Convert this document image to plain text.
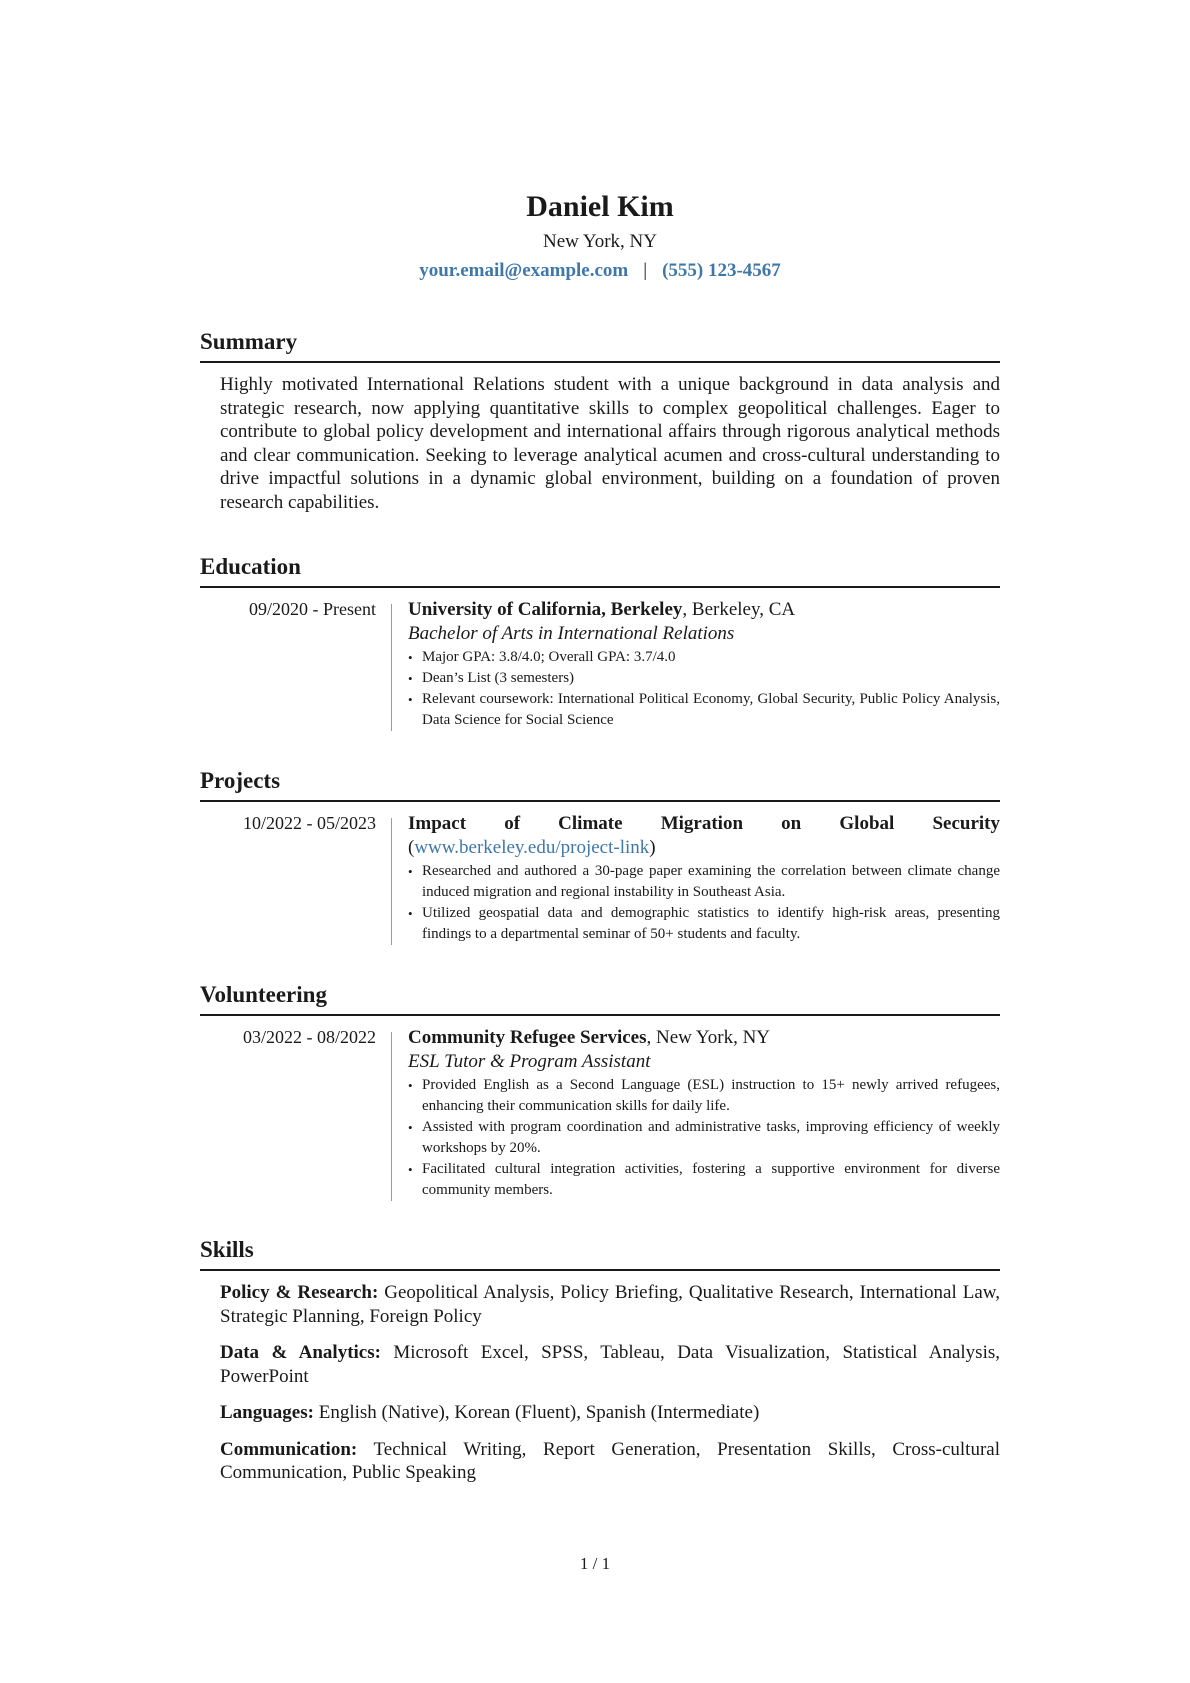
Daniel Kim
New York, NY
your.email@example.com | (555) 123-4567
Summary
Highly motivated International Relations student with a unique background in data analysis and strategic research, now applying quantitative skills to complex geopolitical challenges. Eager to contribute to global policy development and international affairs through rigorous analytical methods and clear communication. Seeking to leverage analytical acumen and cross-cultural understanding to drive impactful solutions in a dynamic global environment, building on a foundation of proven research capabilities.
Education
09/2020 - Present University of California, Berkeley, Berkeley, CA
Bachelor of Arts in International Relations
• Major GPA: 3.8/4.0; Overall GPA: 3.7/4.0
• Dean’s List (3 semesters)
• Relevant coursework: International Political Economy, Global Security, Public Policy Analysis, Data Science for Social Science
Projects
10/2022 - 05/2023 Impact of Climate Migration on Global Security
(www.berkeley.edu/project-link)
• Researched and authored a 30-page paper examining the correlation between climate change induced migration and regional instability in Southeast Asia.
• Utilized geospatial data and demographic statistics to identify high-risk areas, presenting findings to a departmental seminar of 50+ students and faculty.
Volunteering
03/2022 - 08/2022 Community Refugee Services, New York, NY
ESL Tutor & Program Assistant
• Provided English as a Second Language (ESL) instruction to 15+ newly arrived refugees, enhancing their communication skills for daily life.
• Assisted with program coordination and administrative tasks, improving efficiency of weekly workshops by 20%.
• Facilitated cultural integration activities, fostering a supportive environment for diverse community members.
Skills
Policy & Research: Geopolitical Analysis, Policy Briefing, Qualitative Research, International Law, Strategic Planning, Foreign Policy
Data & Analytics: Microsoft Excel, SPSS, Tableau, Data Visualization, Statistical Analysis, PowerPoint
Languages: English (Native), Korean (Fluent), Spanish (Intermediate)
Communication: Technical Writing, Report Generation, Presentation Skills, Cross-cultural Communication, Public Speaking
1 / 1
